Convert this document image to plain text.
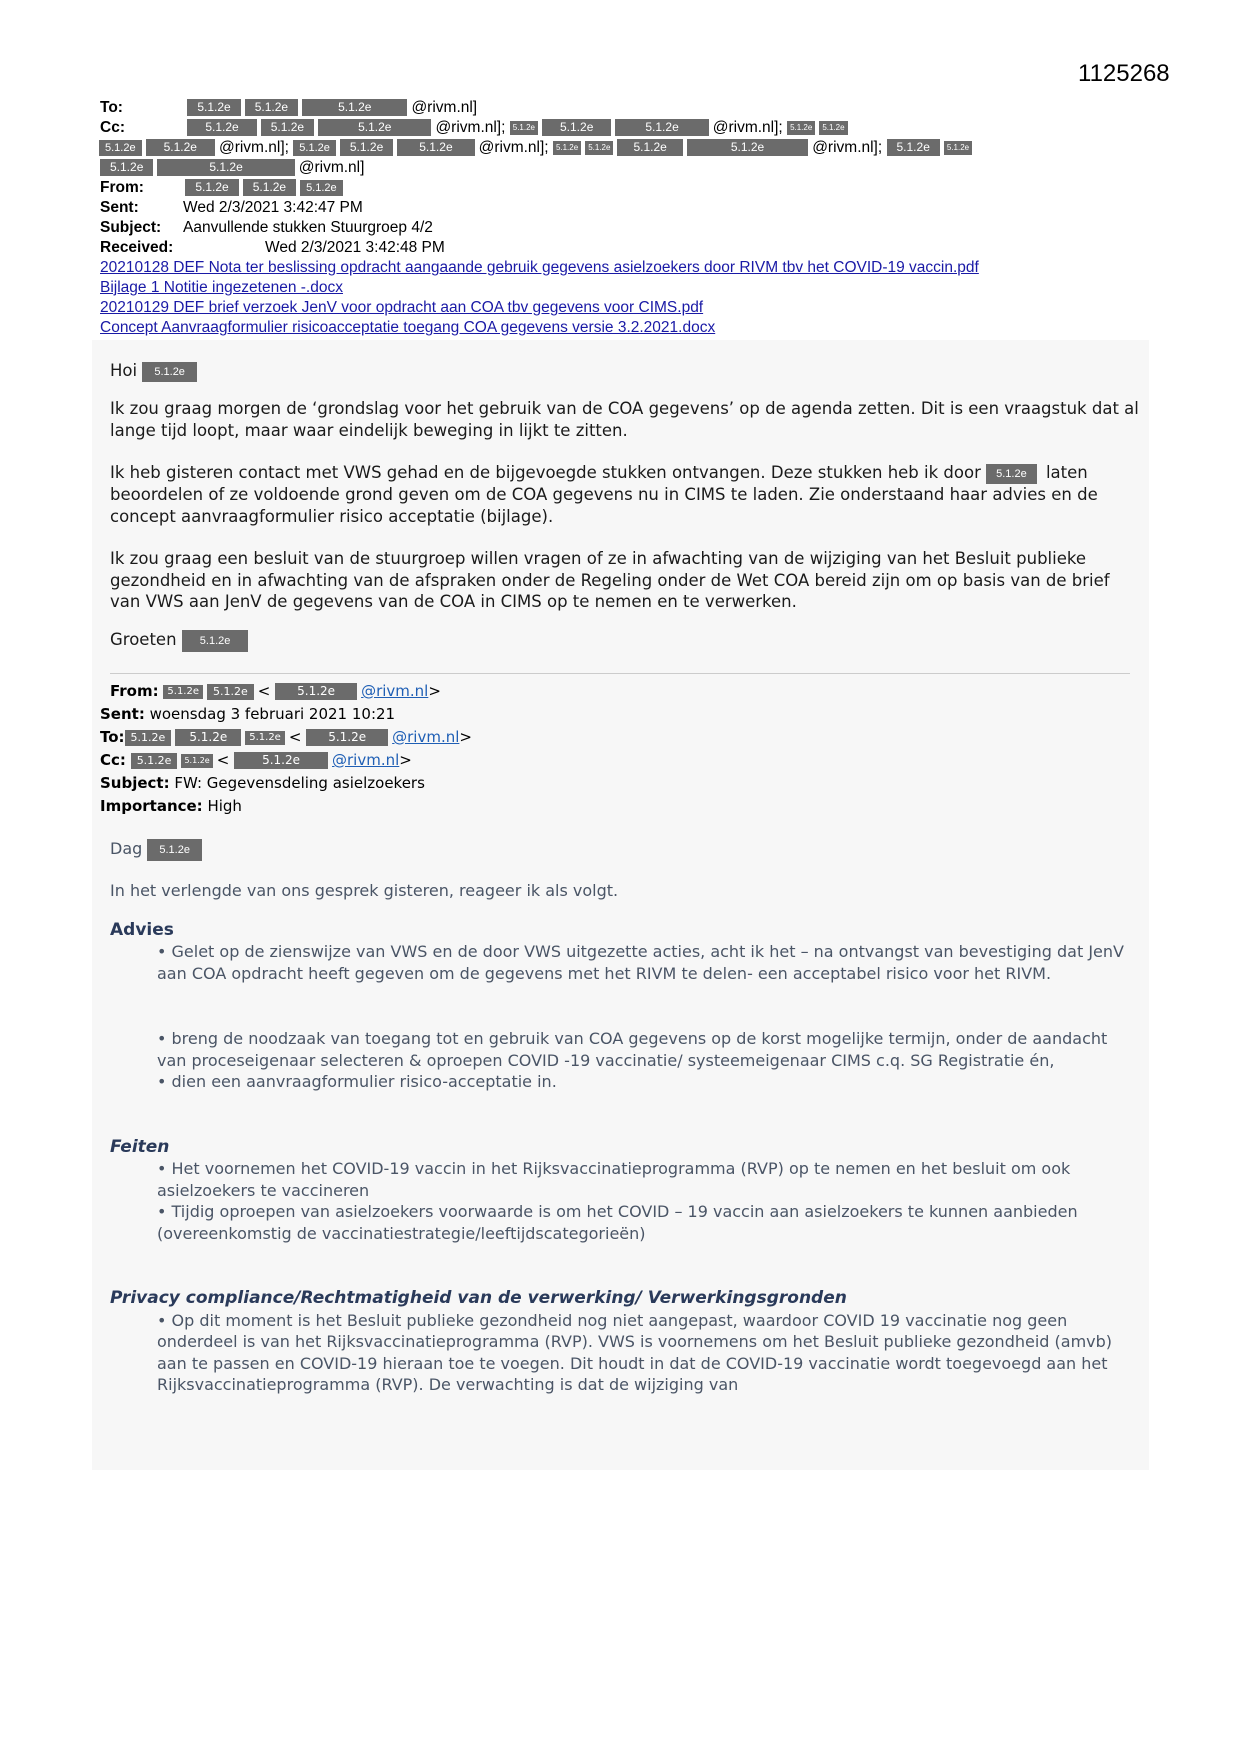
1125268
To:	5.1.2e 5.1.2e	5.1.2e	@rivm.nl]
Cc:	5.1.2e	5.1.2e	5.1.2e	@rivm.nl]; 5.1.2e 5.1.2e	5.1.2e @rivm.nl]; 5.1.2e 5.1.2e
5.1.2e 5.1.2e @rivm.nl]; 5.1.2e 5.1.2e	5.1.2e @rivm.nl]; 5.1.2e 5.1.2e 5.1.2e	5.1.2e	@rivm.nl]; 5.1.2e 5.1.2e
5.1.2e	5.1.2e	@rivm.nl]
From:	5.1.2e 5.1.2e 5.1.2e
Sent:	Wed 2/3/2021 3:42:47 PM
Subject: Aanvullende stukken Stuurgroep 4/2
Received:	Wed 2/3/2021 3:42:48 PM
20210128 DEF Nota ter beslissing opdracht aangaande gebruik gegevens asielzoekers door RIVM tbv het COVID-19 vaccin.pdf
Bijlage 1 Notitie ingezetenen -.docx
20210129 DEF brief verzoek JenV voor opdracht aan COA tbv gegevens voor CIMS.pdf
Concept Aanvraagformulier risicoacceptatie toegang COA gegevens versie 3.2.2021.docx

Hoi 5.1.2e

Ik zou graag morgen de ‘grondslag voor het gebruik van de COA gegevens’ op de agenda zetten. Dit is een vraagstuk dat al lange tijd loopt, maar waar eindelijk beweging in lijkt te zitten.

Ik heb gisteren contact met VWS gehad en de bijgevoegde stukken ontvangen. Deze stukken heb ik door 5.1.2e laten beoordelen of ze voldoende grond geven om de COA gegevens nu in CIMS te laden. Zie onderstaand haar advies en de concept aanvraagformulier risico acceptatie (bijlage).

Ik zou graag een besluit van de stuurgroep willen vragen of ze in afwachting van de wijziging van het Besluit publieke gezondheid en in afwachting van de afspraken onder de Regeling onder de Wet COA bereid zijn om op basis van de brief van VWS aan JenV de gegevens van de COA in CIMS op te nemen en te verwerken.

Groeten 5.1.2e

From: 5.1.2e 5.1.2e < 5.1.2e @rivm.nl>
Sent: woensdag 3 februari 2021 10:21
To: 5.1.2e 5.1.2e 5.1.2e < 5.1.2e @rivm.nl>
Cc: 5.1.2e 5.1.2e <	5.1.2e @rivm.nl>
Subject: FW: Gegevensdeling asielzoekers
Importance: High
Dag 5.1.2e
In het verlengde van ons gesprek gisteren, reageer ik als volgt.
Advies
• Gelet op de zienswijze van VWS en de door VWS uitgezette acties, acht ik het – na ontvangst van bevestiging dat JenV aan COA opdracht heeft gegeven om de gegevens met het RIVM te delen- een acceptabel risico voor het RIVM.
• breng de noodzaak van toegang tot en gebruik van COA gegevens op de korst mogelijke termijn, onder de aandacht van proceseigenaar selecteren & oproepen COVID -19 vaccinatie/ systeemeigenaar CIMS c.q. SG Registratie én,
• dien een aanvraagformulier risico-acceptatie in.
Feiten
• Het voornemen het COVID-19 vaccin in het Rijksvaccinatieprogramma (RVP) op te nemen en het besluit om ook asielzoekers te vaccineren
• Tijdig oproepen van asielzoekers voorwaarde is om het COVID – 19 vaccin aan asielzoekers te kunnen aanbieden (overeenkomstig de vaccinatiestrategie/leeftijdscategorieën)
Privacy compliance/Rechtmatigheid van de verwerking/ Verwerkingsgronden
• Op dit moment is het Besluit publieke gezondheid nog niet aangepast, waardoor COVID 19 vaccinatie nog geen onderdeel is van het Rijksvaccinatieprogramma (RVP). VWS is voornemens om het Besluit publieke gezondheid (amvb) aan te passen en COVID-19 hieraan toe te voegen. Dit houdt in dat de COVID-19 vaccinatie wordt toegevoegd aan het Rijksvaccinatieprogramma (RVP). De verwachting is dat de wijziging van
